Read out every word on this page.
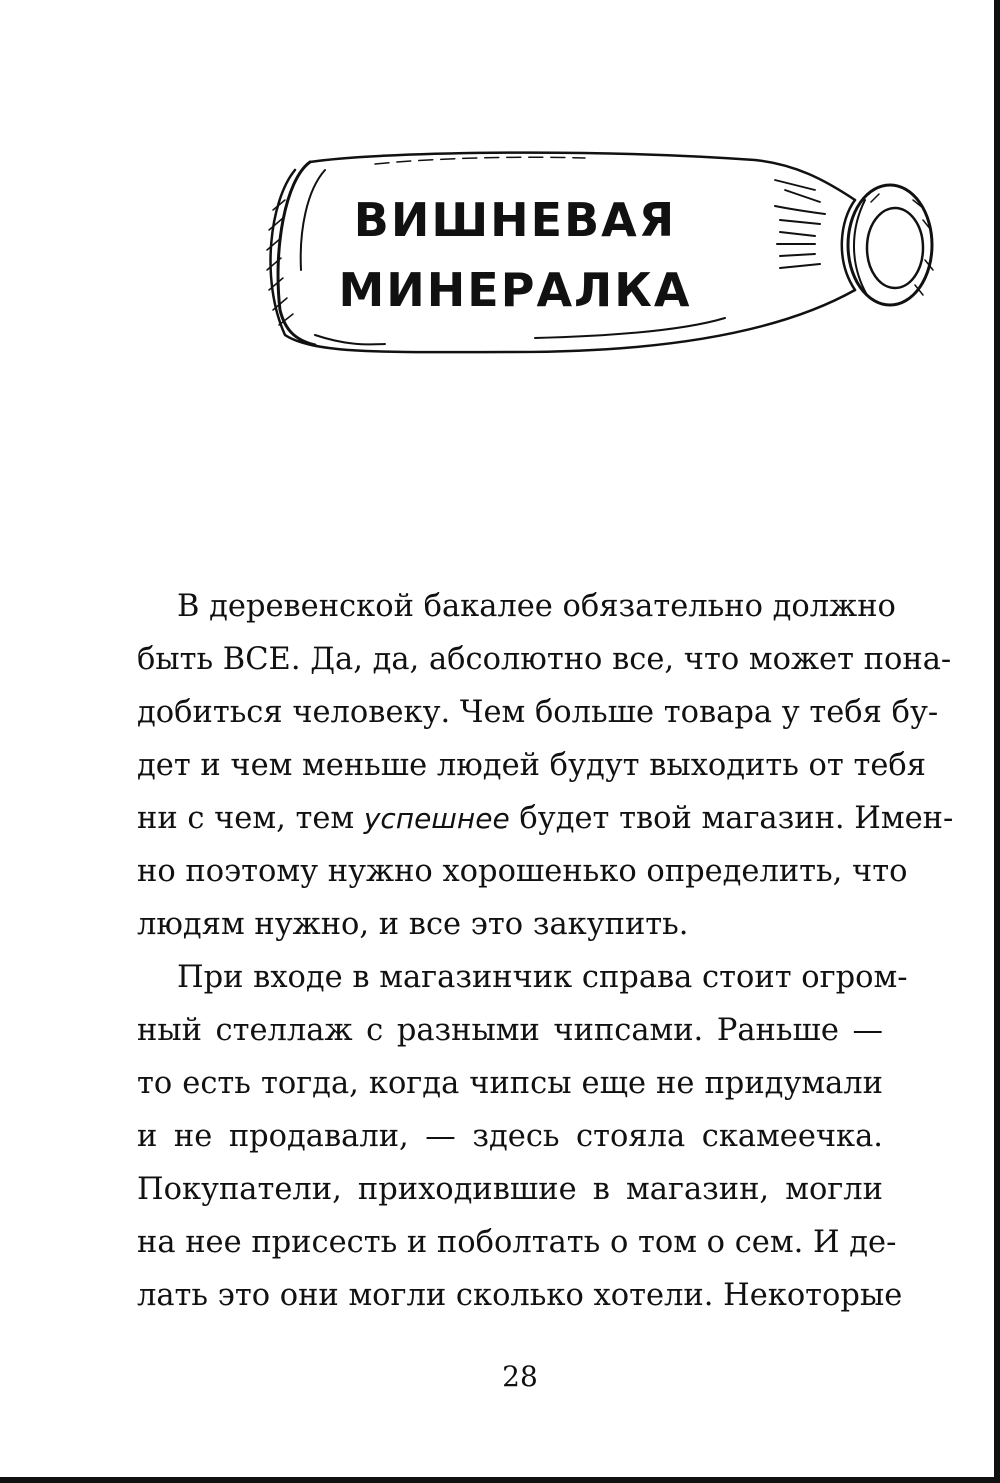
ВИШНЕВАЯ
МИНЕРАЛКА

В деревенской бакалее обязательно должно
быть ВСЕ. Да, да, абсолютно все, что может пона-
добиться человеку. Чем больше товара у тебя бу-
дет и чем меньше людей будут выходить от тебя
ни с чем, тем успешнее будет твой магазин. Имен-
но поэтому нужно хорошенько определить, что
людям нужно, и все это закупить.

При входе в магазинчик справа стоит огром-
ный стеллаж с разными чипсами. Раньше —
то есть тогда, когда чипсы еще не придумали
и не продавали, — здесь стояла скамеечка.
Покупатели, приходившие в магазин, могли
на нее присесть и поболтать о том о сем. И де-
лать это они могли сколько хотели. Некоторые

28
